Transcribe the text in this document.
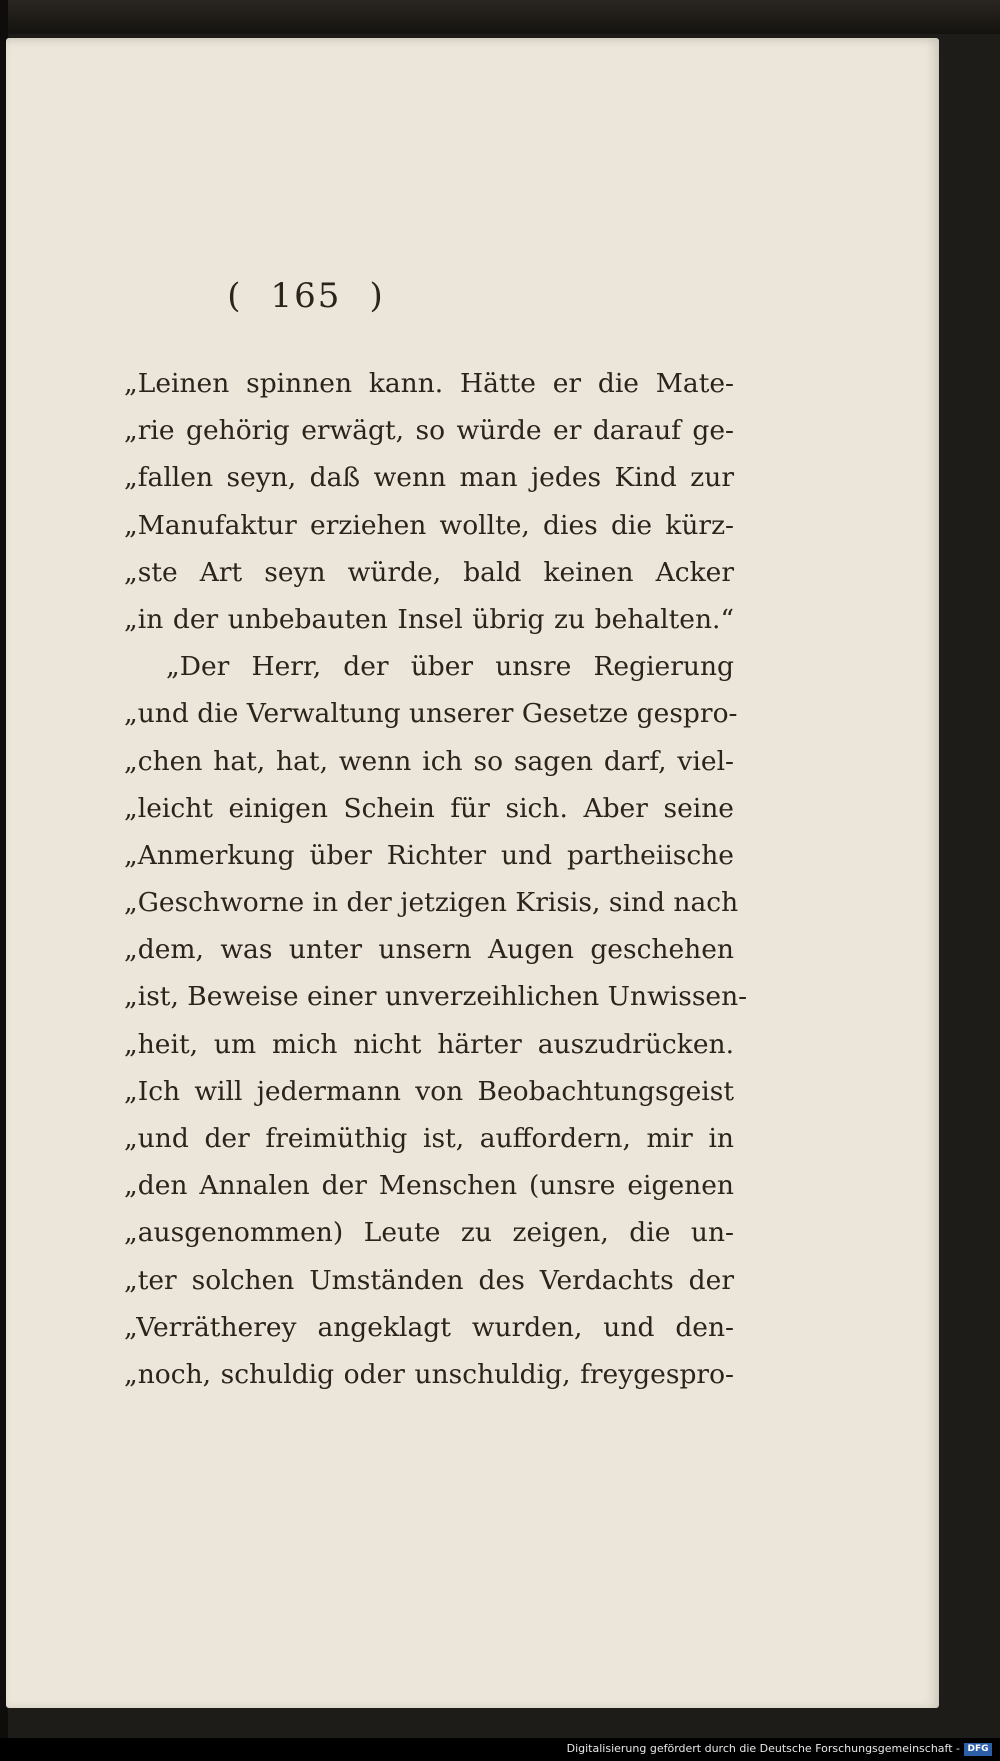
( 165 )
„Leinen spinnen kann. Hätte er die Mate-
„rie gehörig erwägt, so würde er darauf ge-
„fallen seyn, daß wenn man jedes Kind zur
„Manufaktur erziehen wollte, dies die kürz-
„ste Art seyn würde, bald keinen Acker
„in der unbebauten Insel übrig zu behalten.“
„Der Herr, der über unsre Regierung
„und die Verwaltung unserer Gesetze gespro-
„chen hat, hat, wenn ich so sagen darf, viel-
„leicht einigen Schein für sich. Aber seine
„Anmerkung über Richter und partheiische
„Geschworne in der jetzigen Krisis, sind nach
„dem, was unter unsern Augen geschehen
„ist, Beweise einer unverzeihlichen Unwissen-
„heit, um mich nicht härter auszudrücken.
„Ich will jedermann von Beobachtungsgeist
„und der freimüthig ist, auffordern, mir in
„den Annalen der Menschen (unsre eigenen
„ausgenommen) Leute zu zeigen, die un-
„ter solchen Umständen des Verdachts der
„Verrätherey angeklagt wurden, und den-
„noch, schuldig oder unschuldig, freygespro-
Digitalisierung gefördert durch die Deutsche Forschungsgemeinschaft - DFG
